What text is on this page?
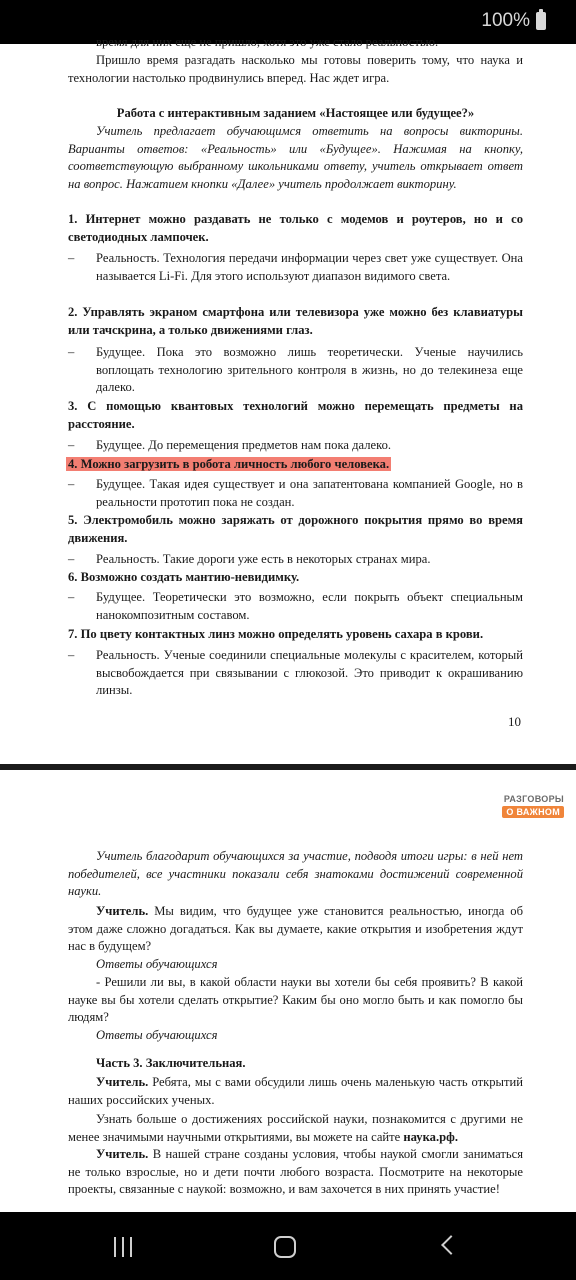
100%
время для них еще не пришло, хотя это уже стало реальностью.
Пришло время разгадать насколько мы готовы поверить тому, что наука и технологии настолько продвинулись вперед. Нас ждет игра.
Работа с интерактивным заданием «Настоящее или будущее?»
Учитель предлагает обучающимся ответить на вопросы викторины. Варианты ответов: «Реальность» или «Будущее». Нажимая на кнопку, соответствующую выбранному школьниками ответу, учитель открывает ответ на вопрос. Нажатием кнопки «Далее» учитель продолжает викторину.
1. Интернет можно раздавать не только с модемов и роутеров, но и со светодиодных лампочек.
– Реальность. Технология передачи информации через свет уже существует. Она называется Li-Fi. Для этого используют диапазон видимого света.
2. Управлять экраном смартфона или телевизора уже можно без клавиатуры или тачскрина, а только движениями глаз.
– Будущее. Пока это возможно лишь теоретически. Ученые научились воплощать технологию зрительного контроля в жизнь, но до телекинеза еще далеко.
3. С помощью квантовых технологий можно перемещать предметы на расстояние.
– Будущее. До перемещения предметов нам пока далеко.
4. Можно загрузить в робота личность любого человека.
– Будущее. Такая идея существует и она запатентована компанией Google, но в реальности прототип пока не создан.
5. Электромобиль можно заряжать от дорожного покрытия прямо во время движения.
– Реальность. Такие дороги уже есть в некоторых странах мира.
6. Возможно создать мантию-невидимку.
– Будущее. Теоретически это возможно, если покрыть объект специальным нанокомпозитным составом.
7. По цвету контактных линз можно определять уровень сахара в крови.
– Реальность. Ученые соединили специальные молекулы с красителем, который высвобождается при связывании с глюкозой. Это приводит к окрашиванию линзы.
10
РАЗГОВОРЫ
О ВАЖНОМ
Учитель благодарит обучающихся за участие, подводя итоги игры: в ней нет победителей, все участники показали себя знатоками достижений современной науки.
Учитель. Мы видим, что будущее уже становится реальностью, иногда об этом даже сложно догадаться. Как вы думаете, какие открытия и изобретения ждут нас в будущем?
Ответы обучающихся
- Решили ли вы, в какой области науки вы хотели бы себя проявить? В какой науке вы бы хотели сделать открытие? Каким бы оно могло быть и как помогло бы людям?
Ответы обучающихся
Часть 3. Заключительная.
Учитель. Ребята, мы с вами обсудили лишь очень маленькую часть открытий наших российских ученых.
Узнать больше о достижениях российской науки, познакомится с другими не менее значимыми научными открытиями, вы можете на сайте наука.рф.
Учитель. В нашей стране созданы условия, чтобы наукой смогли заниматься не только взрослые, но и дети почти любого возраста. Посмотрите на некоторые проекты, связанные с наукой: возможно, и вам захочется в них принять участие!
